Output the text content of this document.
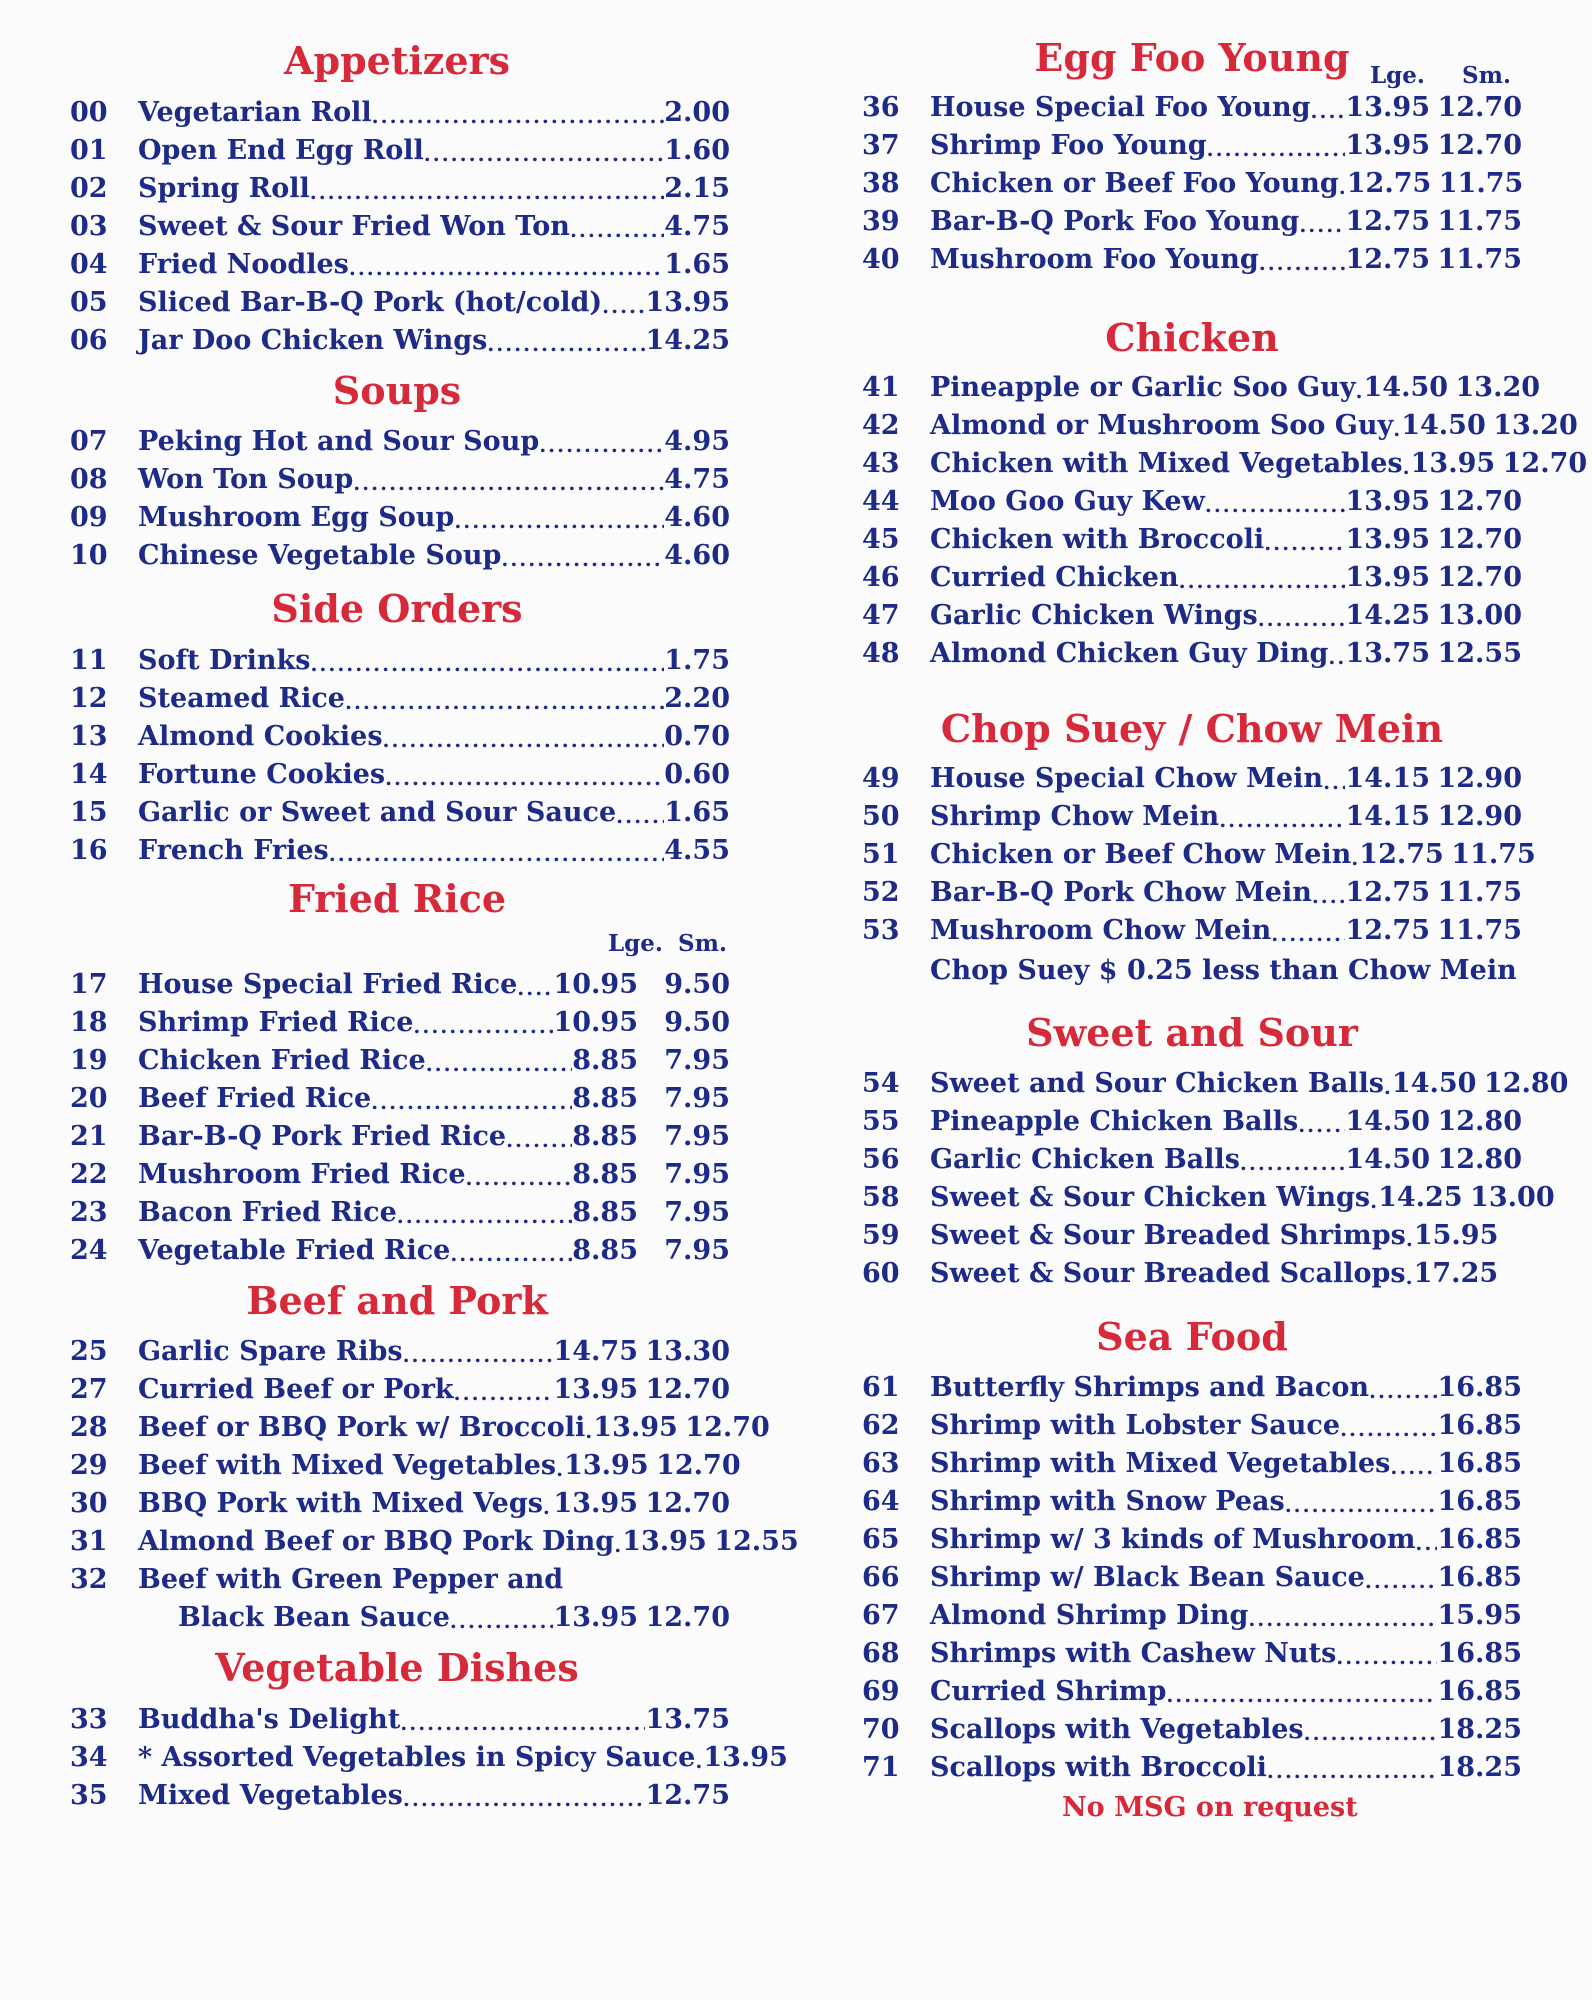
Appetizers
00	Vegetarian Roll .....	2.00
01	Open End Egg Roll .....	1.60
02	Spring Roll .....	2.15
03	Sweet & Sour Fried Won Ton .....	4.75
04	Fried Noodles .....	1.65
05	Sliced Bar-B-Q Pork (hot/cold) ..... 13.95
06	Jar Doo Chicken Wings .....	14.25
Soups
07	Peking Hot and Sour Soup .....	4.95
08	Won Ton Soup .....	4.75
09	Mushroom Egg Soup .....	4.60
10	Chinese Vegetable Soup .....	4.60
Side Orders
11	Soft Drinks .....	1.75
12	Steamed Rice .....	2.20
13	Almond Cookies .....	0.70
14	Fortune Cookies .....	0.60
15	Garlic or Sweet and Sour Sauce ..... 1.65
16	French Fries .....	4.55
Fried Rice
Lge. Sm.
17	House Special Fried Rice ..... 10.95 9.50
18	Shrimp Fried Rice .....	10.95 9.50
19	Chicken Fried Rice .....	8.85 7.95
20	Beef Fried Rice .....	8.85 7.95
21	Bar-B-Q Pork Fried Rice ..... 8.85 7.95
22	Mushroom Fried Rice .....	8.85 7.95
23	Bacon Fried Rice .....	8.85 7.95
24	Vegetable Fried Rice .....	8.85 7.95
Beef and Pork
25	Garlic Spare Ribs .....	14.75 13.30
27	Curried Beef or Pork .....	13.95 12.70
28	Beef or BBQ Pork w/ Broccoli ..... 13.95 12.70
29	Beef with Mixed Vegetables ..... 13.95 12.70
30	BBQ Pork with Mixed Vegs ..... 13.95 12.70
31	Almond Beef or BBQ Pork Ding ..... 13.95 12.55
32	Beef with Green Pepper and
Black Bean Sauce .....	13.95 12.70
Vegetable Dishes
33	Buddha's Delight .....	13.75
34	* Assorted Vegetables in Spicy Sauce ..... 13.95
35	Mixed Vegetables .....	12.75
Egg Foo Young Lge. Sm.
36	House Special Foo Young ..... 13.95 12.70
37	Shrimp Foo Young .....	13.95 12.70
38	Chicken or Beef Foo Young ..... 12.75 11.75
39	Bar-B-Q Pork Foo Young ..... 12.75 11.75
40	Mushroom Foo Young .....	12.75 11.75
Chicken
41	Pineapple or Garlic Soo Guy ..... 14.50 13.20
42	Almond or Mushroom Soo Guy ..... 14.50 13.20
43	Chicken with Mixed Vegetables ..... 13.95 12.70
44	Moo Goo Guy Kew .....	13.95 12.70
45	Chicken with Broccoli .....	13.95 12.70
46	Curried Chicken .....	13.95 12.70
47	Garlic Chicken Wings .....	14.25 13.00
48	Almond Chicken Guy Ding ..... 13.75 12.55
Chop Suey / Chow Mein
49	House Special Chow Mein ..... 14.15 12.90
50	Shrimp Chow Mein .....	14.15 12.90
51	Chicken or Beef Chow Mein ..... 12.75 11.75
52	Bar-B-Q Pork Chow Mein ..... 12.75 11.75
53	Mushroom Chow Mein .....	12.75 11.75
Chop Suey $ 0.25 less than Chow Mein
Sweet and Sour
54	Sweet and Sour Chicken Balls ..... 14.50 12.80
55	Pineapple Chicken Balls ..... 14.50 12.80
56	Garlic Chicken Balls .....	14.50 12.80
58	Sweet & Sour Chicken Wings ..... 14.25 13.00
59	Sweet & Sour Breaded Shrimps ..... 15.95
60	Sweet & Sour Breaded Scallops ..... 17.25
Sea Food
61	Butterfly Shrimps and Bacon .....	16.85
62	Shrimp with Lobster Sauce .....	16.85
63	Shrimp with Mixed Vegetables ..... 16.85
64	Shrimp with Snow Peas .....	16.85
65	Shrimp w/ 3 kinds of Mushroom ..... 16.85
66	Shrimp w/ Black Bean Sauce .....	16.85
67	Almond Shrimp Ding .....	15.95
68	Shrimps with Cashew Nuts .....	16.85
69	Curried Shrimp .....	16.85
70	Scallops with Vegetables .....	18.25
71	Scallops with Broccoli .....	18.25
No MSG on request
